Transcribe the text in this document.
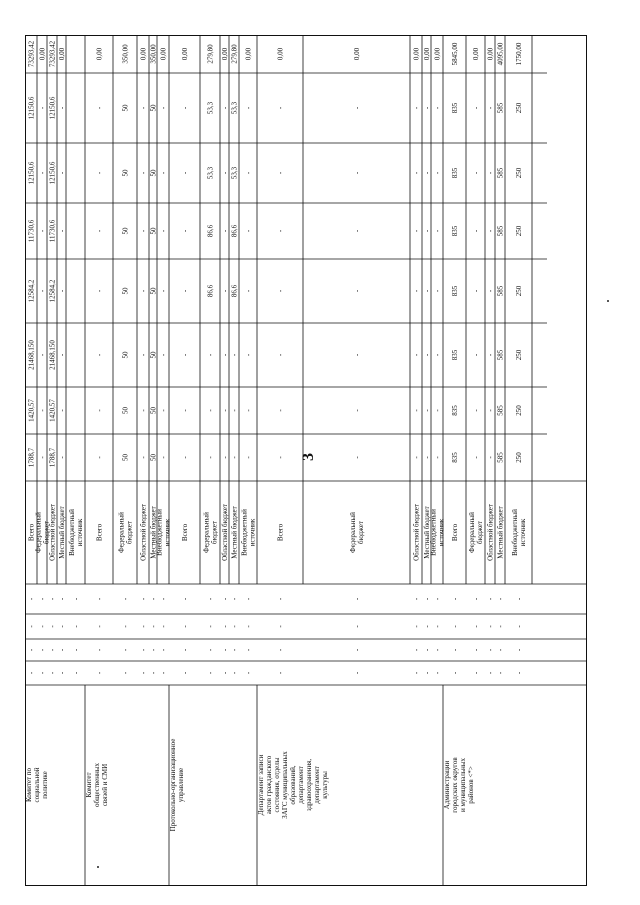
3
73293,42
12150,6
12150,6
11730,6
12584,2
21468,150
1420,57
1788,7
Всего
-
-
-
-
Комитет посоциальнойполитике
0,00
-
-
-
-
-
-
-
Федеральныйбюджет
-
-
-
-
73293,42
12150,6
12150,6
11730,6
12584,2
21468,150
1420,57
1788,7
Областной бюджет
-
-
-
-
0,00
-
-
-
-
-
-
-
Местный бюджет
-
-
-
-
Внебюджетныйисточник
-
-
-
-
0,00
-
-
-
-
-
-
-
Всего
-
-
-
-
Комитетобщественныхсвязей и СМИ
350,00
50
50
50
50
50
50
50
Федеральныйбюджет
-
-
-
-
0,00
-
-
-
-
-
-
-
Областной бюджет
-
-
-
-
350,00
50
50
50
50
50
50
50
Местный бюджет
-
-
-
-
0,00
-
-
-
-
-
-
-
Внебюджетныйисточник
-
-
-
-
0,00
-
-
-
-
-
-
-
Всего
-
-
-
-
Протокольно-организационноеуправление
279,80
53,3
53,3
86,6
86,6
-
-
-
Федеральныйбюджет
-
-
-
-
0,00
-
-
-
-
-
-
-
Областной бюджет
-
-
-
-
279,80
53,3
53,3
86,6
86,6
-
-
-
Местный бюджет
-
-
-
-
0,00
-
-
-
-
-
-
-
Внебюджетныйисточник
-
-
-
-
0,00
-
-
-
-
-
-
-
Всего
-
-
-
-
Департамент записиактов гражданскогосостояния, отделыЗАГС муниципальныхобразований,департаментздравоохранения,департаменткультуры
0,00
-
-
-
-
-
-
-
Федеральныйбюджет
-
-
-
-
0,00
-
-
-
-
-
-
-
Областной бюджет
-
-
-
-
0,00
-
-
-
-
-
-
-
Местный бюджет
-
-
-
-
0,00
-
-
-
-
-
-
-
Внебюджетныйисточник
-
-
-
-
5845,00
835
835
835
835
835
835
835
Всего
-
-
-
-
Администрациигородских округови муниципальныхрайонов <*>
0,00
-
-
-
-
-
-
-
Федеральныйбюджет
-
-
-
-
0,00
-
-
-
-
-
-
-
Областной бюджет
-
-
-
-
4095,00
585
585
585
585
585
585
585
Местный бюджет
-
-
-
-
1750,00
250
250
250
250
250
250
250
Внебюджетныйисточник
-
-
-
-
